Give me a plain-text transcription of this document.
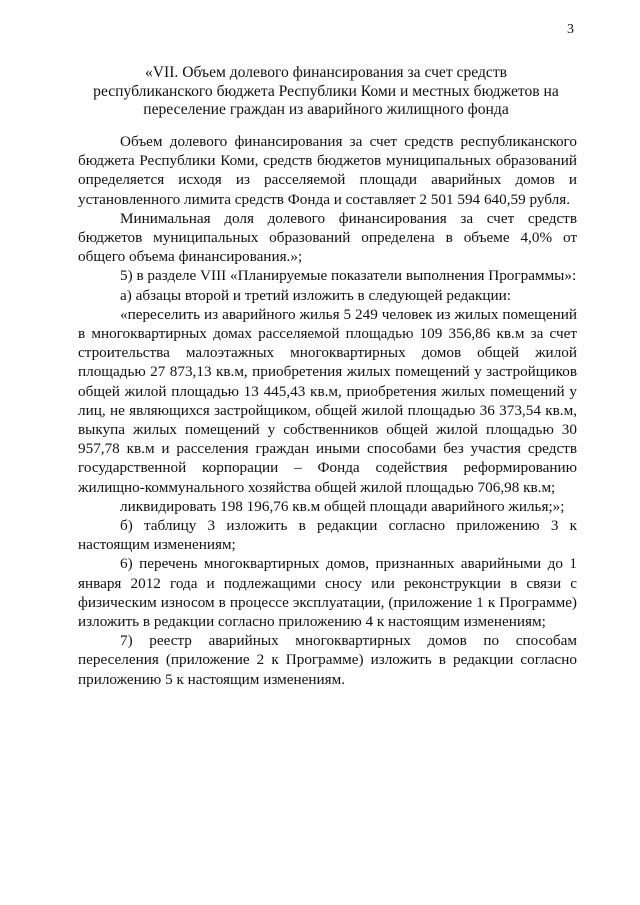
3
«VII. Объем долевого финансирования за счет средств
республиканского бюджета Республики Коми и местных бюджетов на
переселение граждан из аварийного жилищного фонда

Объем долевого финансирования за счет средств республиканского бюджета Республики Коми, средств бюджетов муниципальных образований определяется исходя из расселяемой площади аварийных домов и установленного лимита средств Фонда и составляет 2 501 594 640,59 рубля.

Минимальная доля долевого финансирования за счет средств бюджетов муниципальных образований определена в объеме 4,0% от общего объема финансирования.»;

5) в разделе VIII «Планируемые показатели выполнения Программы»:

а) абзацы второй и третий изложить в следующей редакции:

«переселить из аварийного жилья 5 249 человек из жилых помещений в многоквартирных домах расселяемой площадью 109 356,86 кв.м за счет строительства малоэтажных многоквартирных домов общей жилой площадью 27 873,13 кв.м, приобретения жилых помещений у застройщиков общей жилой площадью 13 445,43 кв.м, приобретения жилых помещений у лиц, не являющихся застройщиком, общей жилой площадью 36 373,54 кв.м, выкупа жилых помещений у собственников общей жилой площадью 30 957,78 кв.м и расселения граждан иными способами без участия средств государственной корпорации – Фонда содействия реформированию жилищно-коммунального хозяйства общей жилой площадью 706,98 кв.м;

ликвидировать 198 196,76 кв.м общей площади аварийного жилья;»;

б) таблицу 3 изложить в редакции согласно приложению 3 к настоящим изменениям;

6) перечень многоквартирных домов, признанных аварийными до 1 января 2012 года и подлежащими сносу или реконструкции в связи с физическим износом в процессе эксплуатации, (приложение 1 к Программе) изложить в редакции согласно приложению 4 к настоящим изменениям;

7) реестр аварийных многоквартирных домов по способам переселения (приложение 2 к Программе) изложить в редакции согласно приложению 5 к настоящим изменениям.
